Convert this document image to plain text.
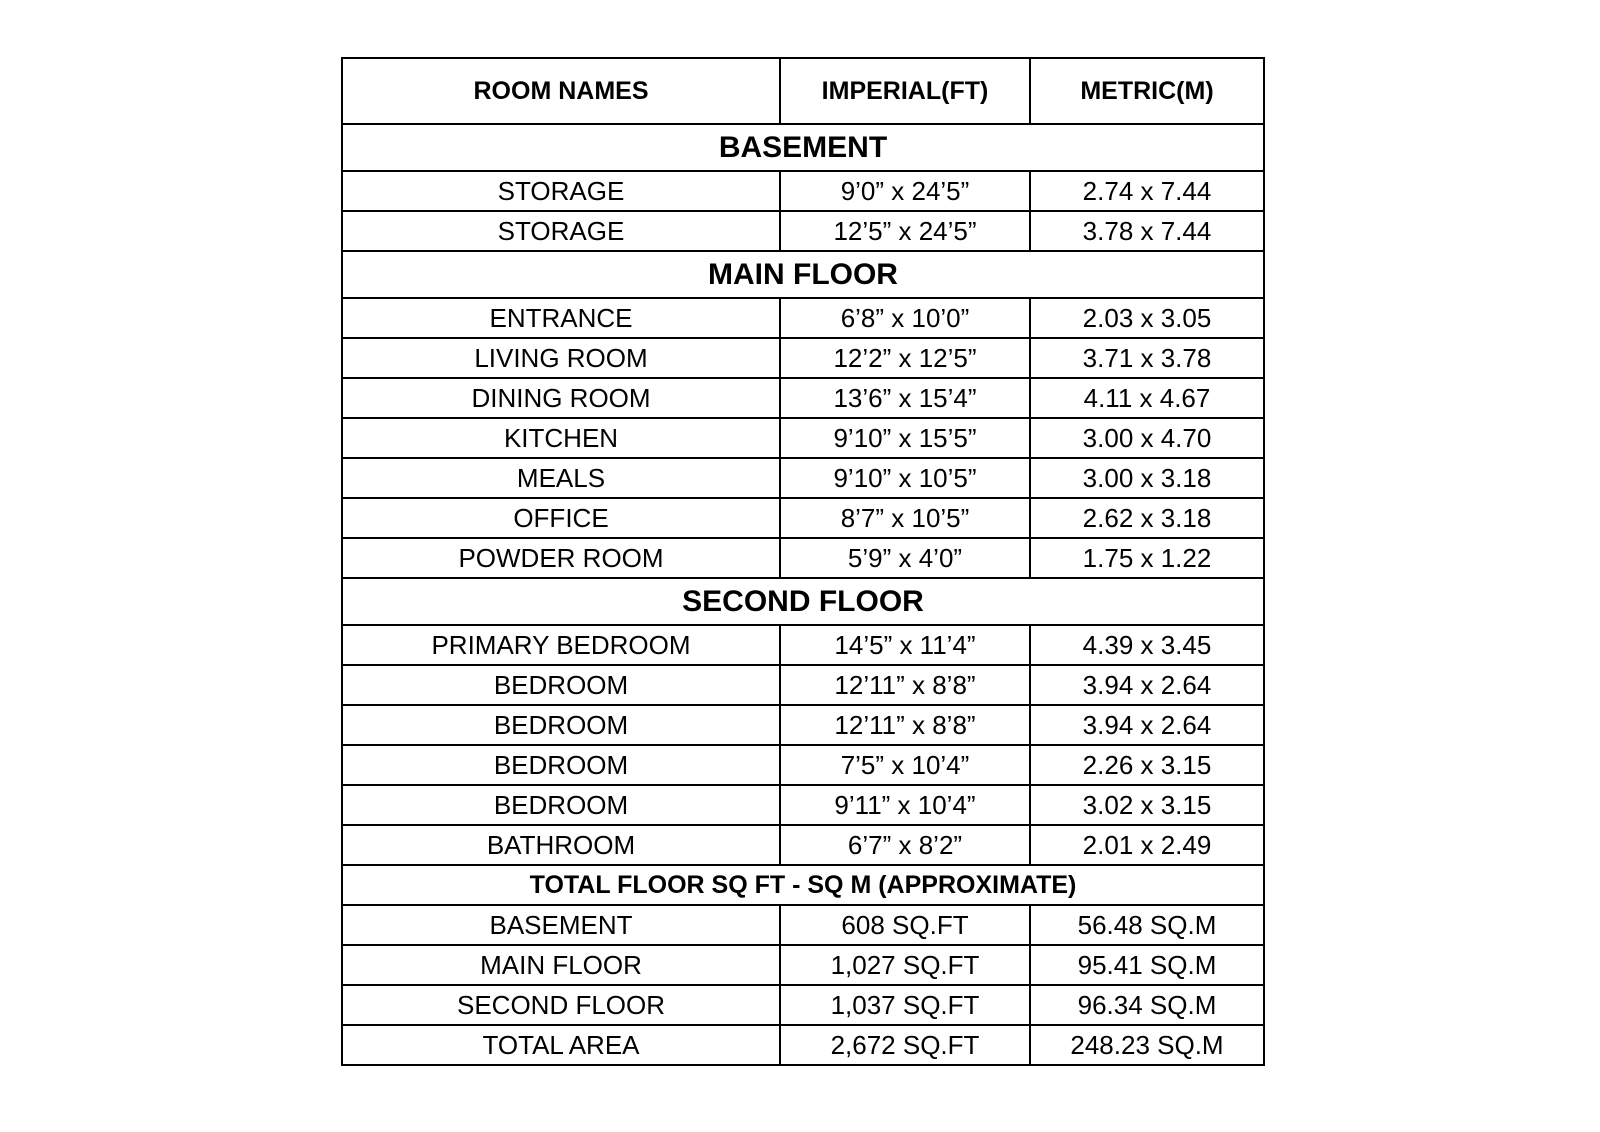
ROOM NAMES	IMPERIAL(FT)	METRIC(M)
BASEMENT		
STORAGE	9’0” x 24’5”	2.74 x 7.44
STORAGE	12’5” x 24’5”	3.78 x 7.44
MAIN FLOOR		
ENTRANCE	6’8” x 10’0”	2.03 x 3.05
LIVING ROOM	12’2” x 12’5”	3.71 x 3.78
DINING ROOM	13’6” x 15’4”	4.11 x 4.67
KITCHEN	9’10” x 15’5”	3.00 x 4.70
MEALS	9’10” x 10’5”	3.00 x 3.18
OFFICE	8’7” x 10’5”	2.62 x 3.18
POWDER ROOM	5’9” x 4’0”	1.75 x 1.22
SECOND FLOOR		
PRIMARY BEDROOM	14’5” x 11’4”	4.39 x 3.45
BEDROOM	12’11” x 8’8”	3.94 x 2.64
BEDROOM	12’11” x 8’8”	3.94 x 2.64
BEDROOM	7’5” x 10’4”	2.26 x 3.15
BEDROOM	9’11” x 10’4”	3.02 x 3.15
BATHROOM	6’7” x 8’2”	2.01 x 2.49
TOTAL FLOOR SQ FT - SQ M (APPROXIMATE)		
BASEMENT	608 SQ.FT	56.48 SQ.M
MAIN FLOOR	1,027 SQ.FT	95.41 SQ.M
SECOND FLOOR	1,037 SQ.FT	96.34 SQ.M
TOTAL AREA	2,672 SQ.FT	248.23 SQ.M
